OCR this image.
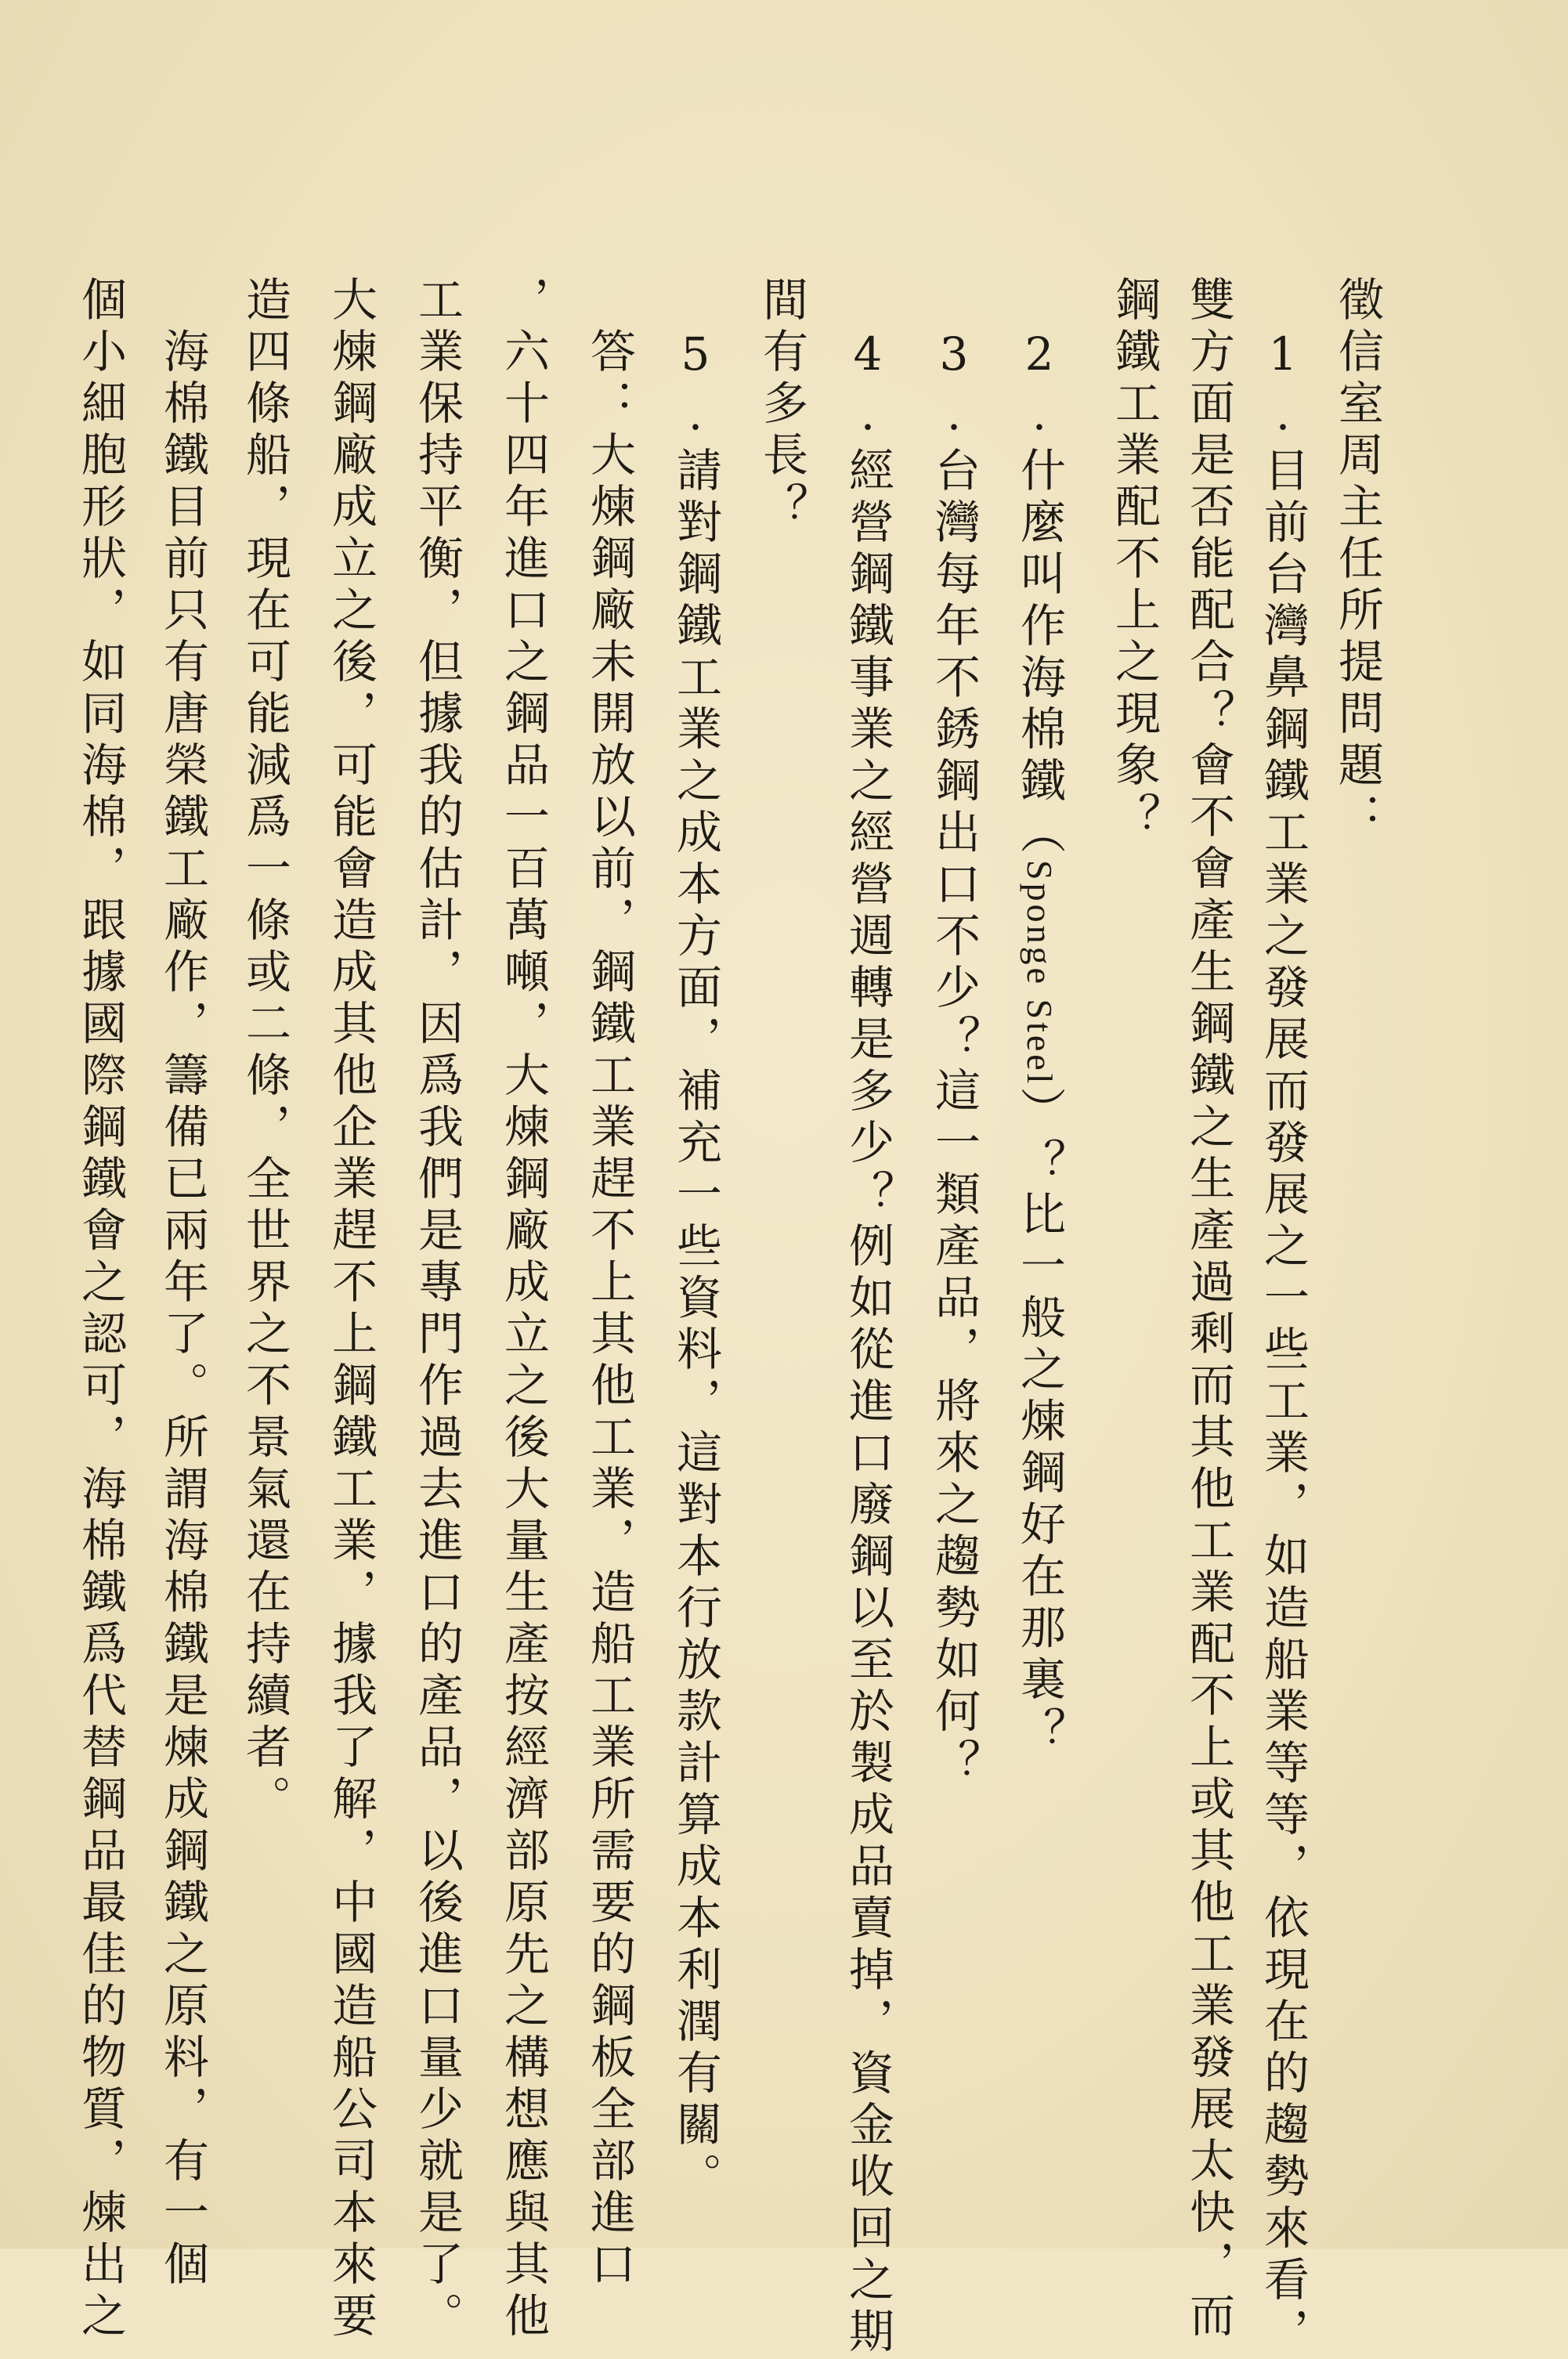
徵信室周主任所提問題：

　1.目前台灣鼻鋼鐵工業之發展而發展之一些工業，如造船業等等，依現在的趨勢來看，

雙方面是否能配合？會不會產生鋼鐵之生產過剩而其他工業配不上或其他工業發展太快，而

鋼鐵工業配不上之現象？

　2.什麼叫作海棉鐵（Sponge Steel）？比一般之煉鋼好在那裏？

　3.台灣每年不銹鋼出口不少？這一類產品，將來之趨勢如何？

　4.經營鋼鐵事業之經營週轉是多少？例如從進口廢鋼以至於製成品賣掉，資金收回之期

間有多長？

　5.請對鋼鐵工業之成本方面，補充一些資料，這對本行放款計算成本利潤有關。

　答：大煉鋼廠未開放以前，鋼鐵工業趕不上其他工業，造船工業所需要的鋼板全部進口

，六十四年進口之鋼品一百萬噸，大煉鋼廠成立之後大量生產按經濟部原先之構想應與其他

工業保持平衡，但據我的估計，因爲我們是專門作過去進口的產品，以後進口量少就是了。

大煉鋼廠成立之後，可能會造成其他企業趕不上鋼鐵工業，據我了解，中國造船公司本來要

造四條船，現在可能減爲一條或二條，全世界之不景氣還在持續者。

　海棉鐵目前只有唐榮鐵工廠作，籌備已兩年了。所謂海棉鐵是煉成鋼鐵之原料，有一個

個小細胞形狀，如同海棉，跟據國際鋼鐵會之認可，海棉鐵爲代替鋼品最佳的物質，煉出之
